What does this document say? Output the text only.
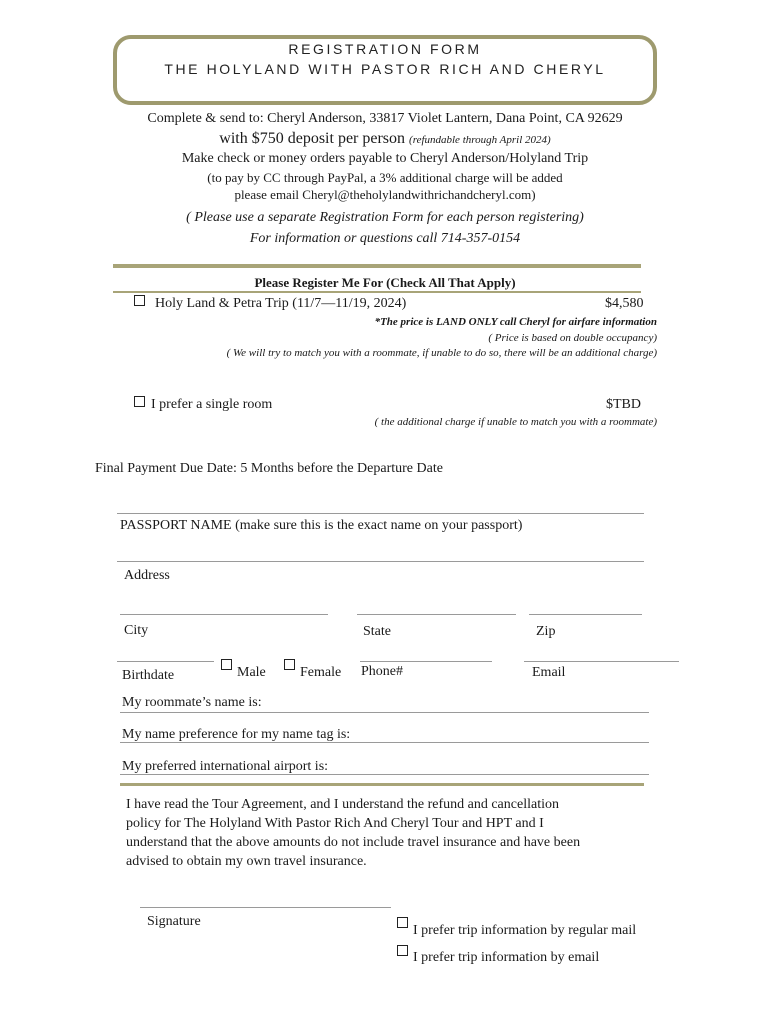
REGISTRATION FORM
THE HOLYLAND WITH PASTOR RICH AND CHERYL
Complete & send to: Cheryl Anderson, 33817 Violet Lantern, Dana Point, CA 92629
with $750 deposit per person (refundable through April 2024)
Make check or money orders payable to Cheryl Anderson/Holyland Trip
(to pay by CC through PayPal, a 3% additional charge will be added
please email Cheryl@theholylandwithrichandcheryl.com)
( Please use a separate Registration Form for each person registering)
For information or questions call 714-357-0154
Please Register Me For (Check All That Apply)
Holy Land & Petra Trip (11/7—11/19, 2024)	$4,580
*The price is LAND ONLY call Cheryl for airfare information
( Price is based on double occupancy)
( We will try to match you with a roommate, if unable to do so, there will be an additional charge)
I prefer a single room	$TBD
( the additional charge if unable to match you with a roommate)
Final Payment Due Date: 5 Months before the Departure Date
PASSPORT NAME (make sure this is the exact name on your passport)
Address
City	State	Zip
Birthdate	Male Female Phone#	Email
My roommate’s name is:
My name preference for my name tag is:
My preferred international airport is:
I have read the Tour Agreement, and I understand the refund and cancellation
policy for The Holyland With Pastor Rich And Cheryl Tour and HPT and I
understand that the above amounts do not include travel insurance and have been
advised to obtain my own travel insurance.
Signature
I prefer trip information by regular mail
I prefer trip information by email
